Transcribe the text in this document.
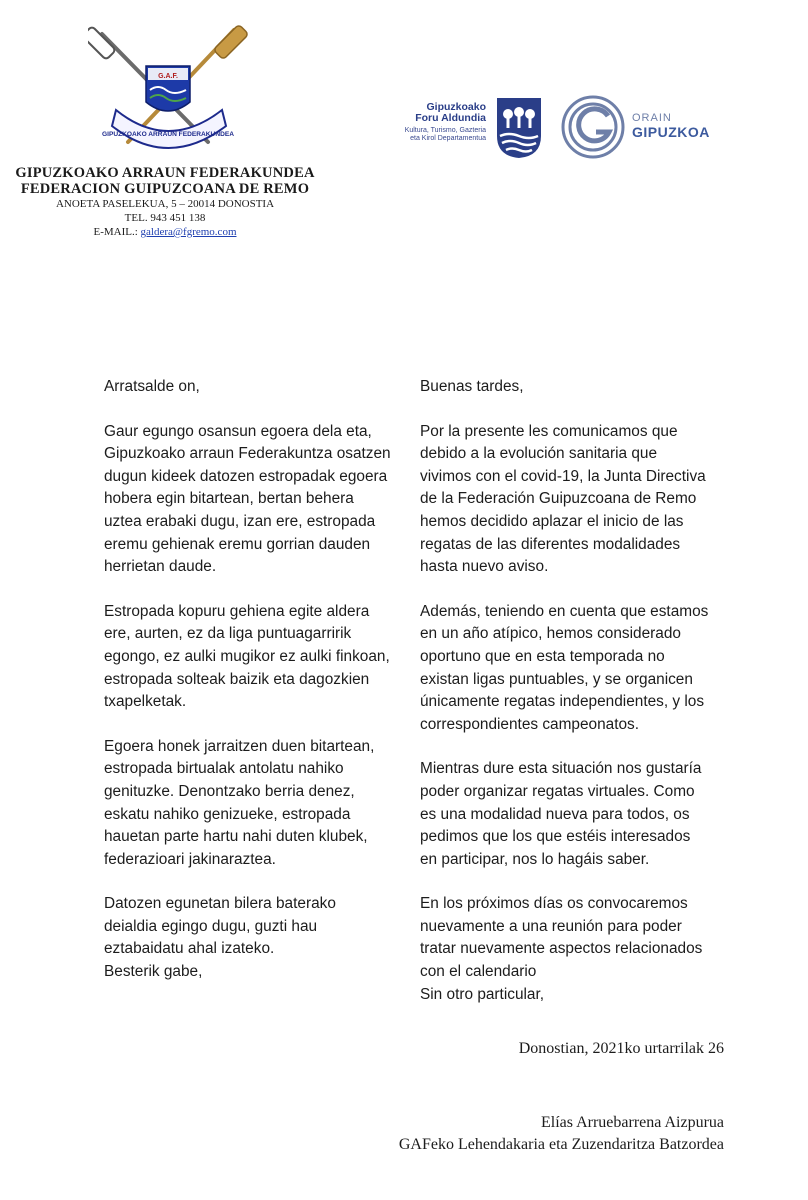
GIPUZKOAKO ARRAUN FEDERAKUNDEA
G.A.F.
GIPUZKOAKO ARRAUN FEDERAKUNDEA
FEDERACION GUIPUZCOANA DE REMO
ANOETA PASELEKUA, 5 – 20014 DONOSTIA
TEL. 943 451 138
E-MAIL.: galdera@fgremo.com
Gipuzkoako
Foru Aldundia
Kultura, Turismo, Gazteria
eta Kirol Departamentua
ORAIN
GIPUZKOA

Arratsalde on,

Gaur egungo osansun egoera dela eta,
Gipuzkoako arraun Federakuntza osatzen
dugun kideek datozen estropadak egoera
hobera egin bitartean, bertan behera
uztea erabaki dugu, izan ere, estropada
eremu gehienak eremu gorrian dauden
herrietan daude.

Estropada kopuru gehiena egite aldera
ere, aurten, ez da liga puntuagarririk
egongo, ez aulki mugikor ez aulki finkoan,
estropada solteak baizik eta dagozkien
txapelketak.

Egoera honek jarraitzen duen bitartean,
estropada birtualak antolatu nahiko
genituzke. Denontzako berria denez,
eskatu nahiko genizueke, estropada
hauetan parte hartu nahi duten klubek,
federazioari jakinaraztea.

Datozen egunetan bilera baterako
deialdia egingo dugu, guzti hau
eztabaidatu ahal izateko.

Besterik gabe,

Buenas tardes,

Por la presente les comunicamos que
debido a la evolución sanitaria que
vivimos con el covid-19, la Junta Directiva
de la Federación Guipuzcoana de Remo
hemos decidido aplazar el inicio de las
regatas de las diferentes modalidades
hasta nuevo aviso.

Además, teniendo en cuenta que estamos
en un año atípico, hemos considerado
oportuno que en esta temporada no
existan ligas puntuables, y se organicen
únicamente regatas independientes, y los
correspondientes campeonatos.

Mientras dure esta situación nos gustaría
poder organizar regatas virtuales. Como
es una modalidad nueva para todos, os
pedimos que los que estéis interesados
en participar, nos lo hagáis saber.

En los próximos días os convocaremos
nuevamente a una reunión para poder
tratar nuevamente aspectos relacionados
con el calendario

Sin otro particular,

Donostian, 2021ko urtarrilak 26
Elías Arruebarrena Aizpurua
GAFeko Lehendakaria eta Zuzendaritza Batzordea
